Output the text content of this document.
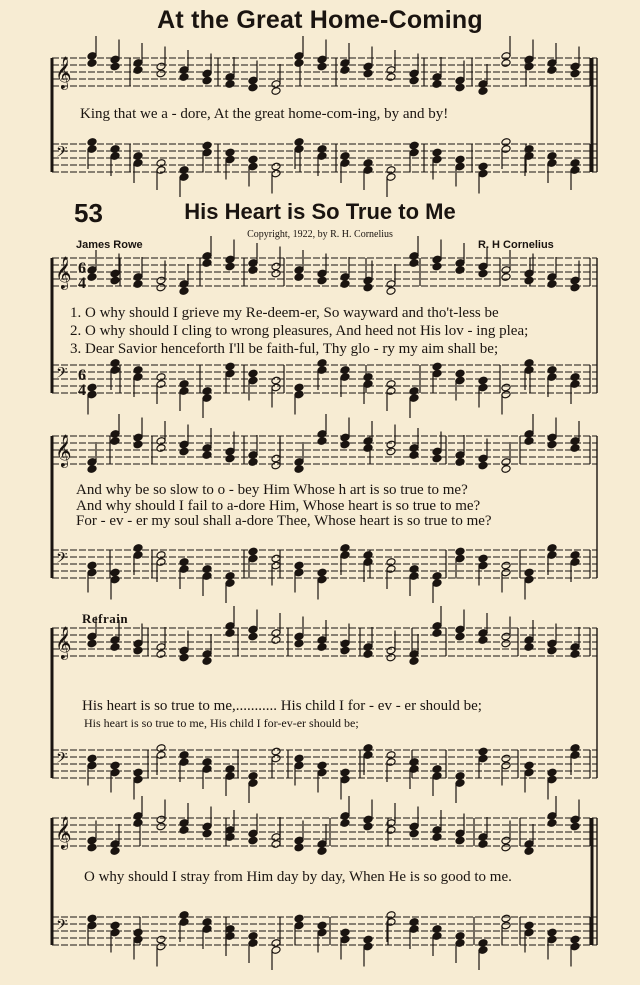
𝄞
𝄢
𝄞
𝄢
𝄞
𝄢
𝄞
𝄢
𝄞
𝄢
6
4
6
4
At the Great Home-Coming
King that we a - dore, At the great home-com-ing, by and by!
53	His Heart is So True to Me
Copyright, 1922, by R. H. Cornelius
James Rowe	R. H Cornelius
1. O why should I grieve my Re-deem-er, So wayward and tho't-less be
2. O why should I cling to wrong pleasures, And heed not His lov - ing plea;
3. Dear Savior henceforth I'll be faith-ful, Thy glo - ry my aim shall be;
And why be so slow to o - bey Him Whose h art is so true to me?
And why should I fail to a-dore Him, Whose heart is so true to me?
For - ev - er my soul shall a-dore Thee, Whose heart is so true to me?
Refrain
His heart is so true to me,........... His child I for - ev - er should be;
His heart is so true to me, His child I for-ev-er should be;
O why should I stray from Him day by day, When He is so good to me.
